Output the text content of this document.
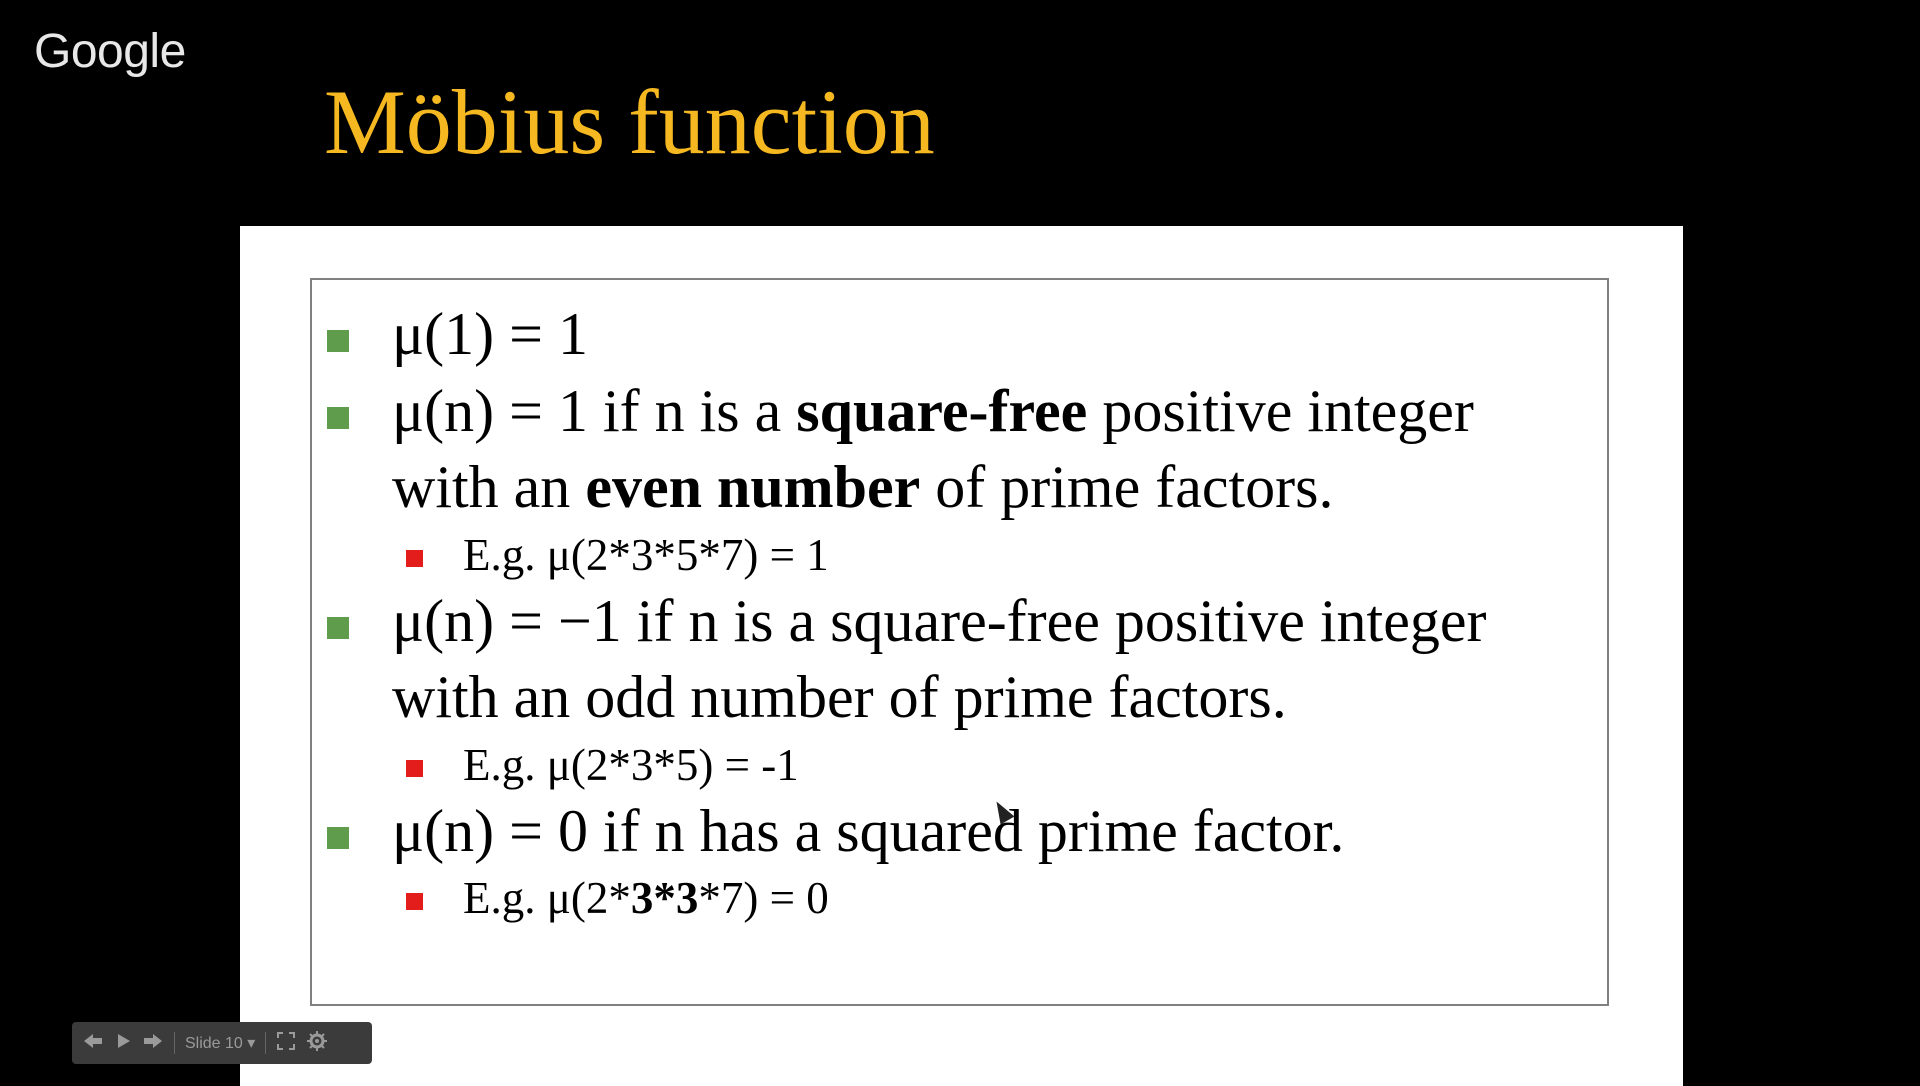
Google
Möbius function
μ(1) = 1
μ(n) = 1 if n is a square-free positive integer
with an even number of prime factors.
E.g. μ(2*3*5*7) = 1
μ(n) = −1 if n is a square-free positive integer
with an odd number of prime factors.
E.g. μ(2*3*5) = -1
μ(n) = 0 if n has a squared prime factor.
E.g. μ(2*3*3*7) = 0
Slide 10 ▾
